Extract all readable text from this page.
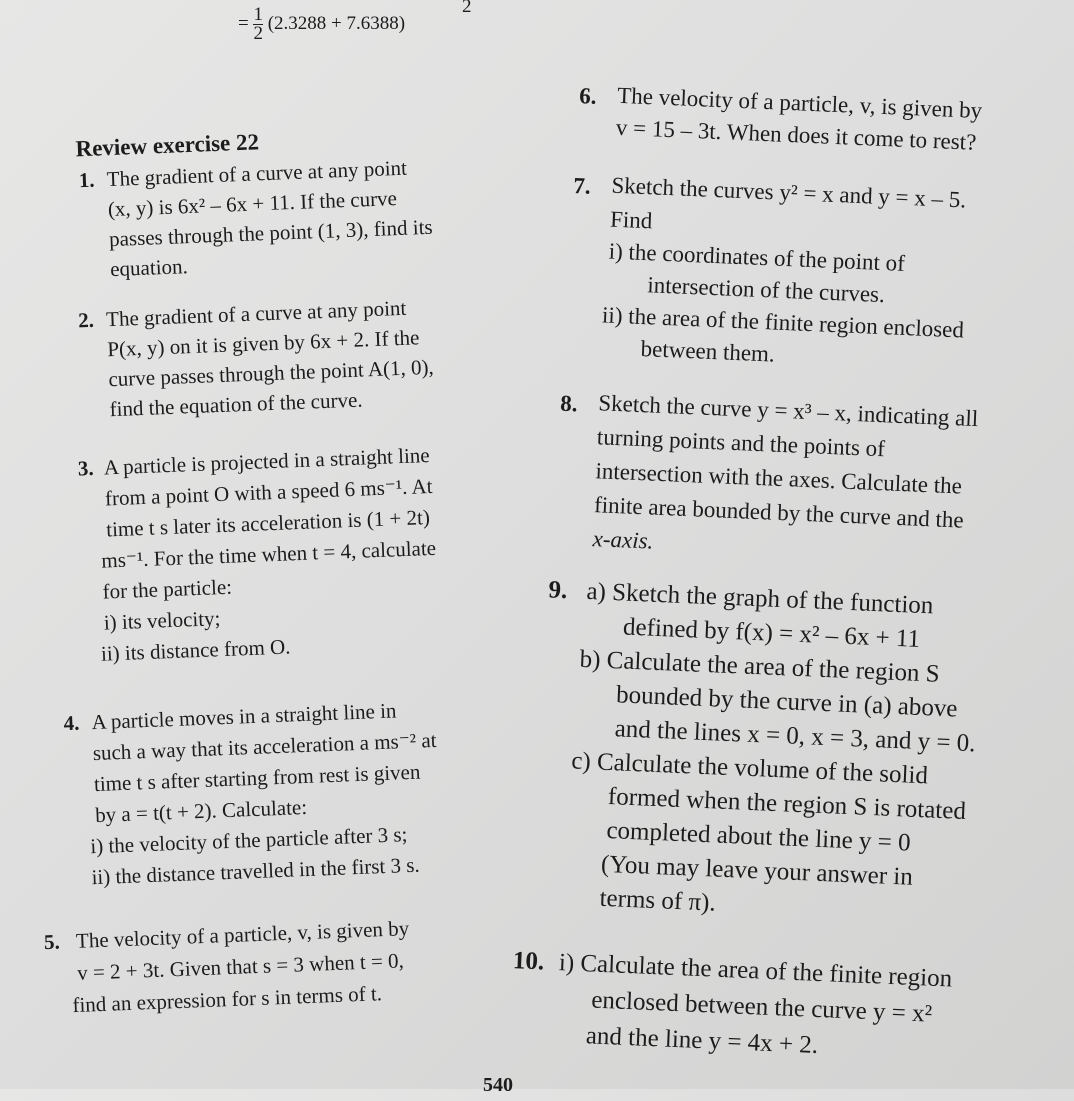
= $\frac{1}{2} (2.3288 + 7.6388)$
2
Review exercise 22
1. The gradient of a curve at any point
(x, y) is 6x² – 6x + 11. If the curve
passes through the point (1, 3), find its
equation.
2. The gradient of a curve at any point
P(x, y) on it is given by 6x + 2. If the
curve passes through the point A(1, 0),
find the equation of the curve.
3. A particle is projected in a straight line
from a point O with a speed 6 ms⁻¹. At
time t s later its acceleration is (1 + 2t)
ms⁻¹. For the time when t = 4, calculate
for the particle:
i) its velocity;
ii) its distance from O.
4. A particle moves in a straight line in
such a way that its acceleration a ms⁻² at
time t s after starting from rest is given
by a = t(t + 2). Calculate:
i) the velocity of the particle after 3 s;
ii) the distance travelled in the first 3 s.
5. The velocity of a particle, v, is given by
v = 2 + 3t. Given that s = 3 when t = 0,
find an expression for s in terms of t.
6. The velocity of a particle, v, is given by
v = 15 – 3t. When does it come to rest?
7. Sketch the curves y² = x and y = x – 5.
Find
i) the coordinates of the point of
intersection of the curves.
ii) the area of the finite region enclosed
between them.
8. Sketch the curve y = x³ – x, indicating all
turning points and the points of
intersection with the axes. Calculate the
finite area bounded by the curve and the
x-axis.
9. a) Sketch the graph of the function
defined by f(x) = x² – 6x + 11
b) Calculate the area of the region S
bounded by the curve in (a) above
and the lines x = 0, x = 3, and y = 0.
c) Calculate the volume of the solid
formed when the region S is rotated
completed about the line y = 0
(You may leave your answer in
terms of π).
10. i) Calculate the area of the finite region
enclosed between the curve y = x²
and the line y = 4x + 2.
540
